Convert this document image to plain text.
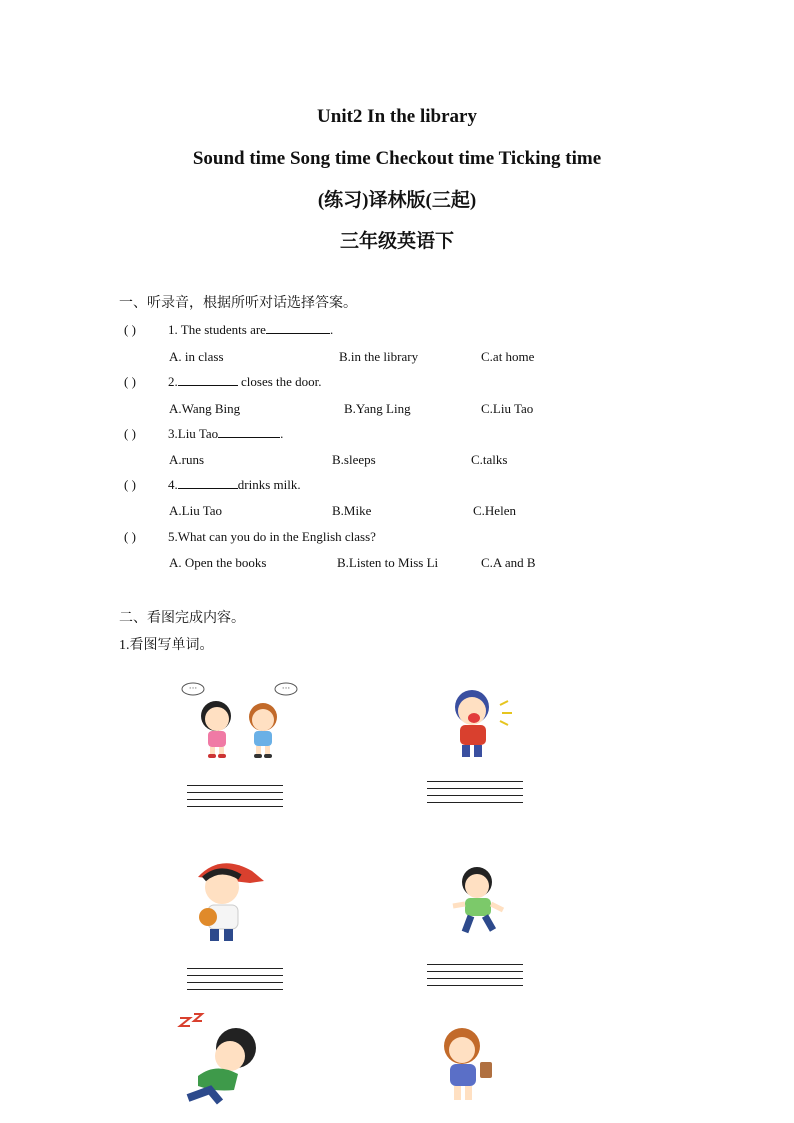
Unit2 In the library
Sound time Song time Checkout time Ticking time
(练习)译林版(三起)
三年级英语下
一、听录音，根据所听对话选择答案。
( ) 1. The students are	.
A. in class	B.in the library	C.at home
( ) 2.	closes the door.
A.Wang Bing	B.Yang Ling	C.Liu Tao
( ) 3.Liu Tao	.
A.runs	B.sleeps	C.talks
( ) 4.	drinks milk.
A.Liu Tao	B.Mike	C.Helen
( ) 5.What can you do in the English class?
A. Open the books	B.Listen to Miss Li	C.A and B
二、看图完成内容。
1.看图写单词。
···	···
